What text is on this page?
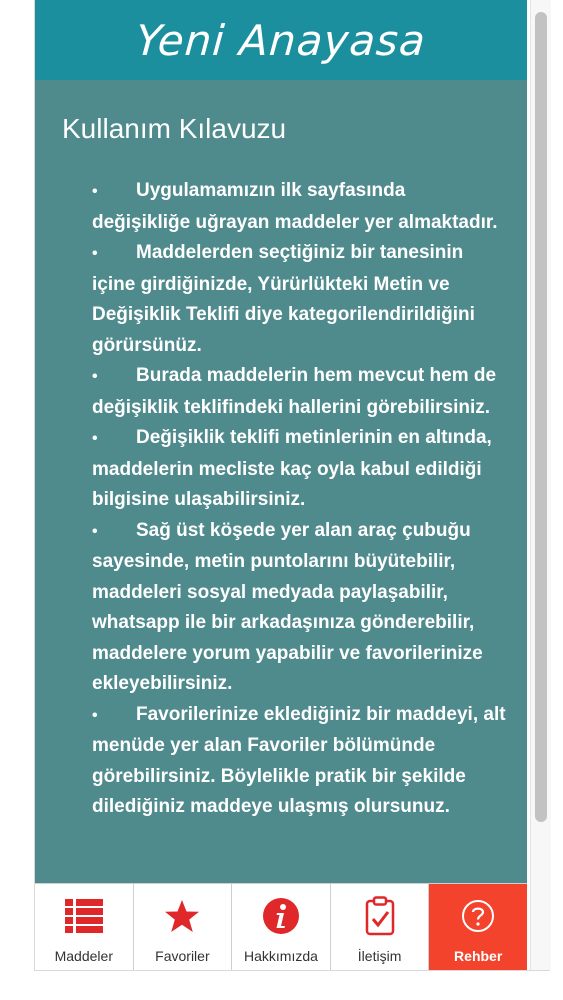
Yeni Anayasa
Kullanım Kılavuzu
• Uygulamamızın ilk sayfasında değişikliğe uğrayan maddeler yer almaktadır.
• Maddelerden seçtiğiniz bir tanesinin içine girdiğinizde, Yürürlükteki Metin ve Değişiklik Teklifi diye kategorilendirildiğini görürsünüz.
• Burada maddelerin hem mevcut hem de değişiklik teklifindeki hallerini görebilirsiniz.
• Değişiklik teklifi metinlerinin en altında, maddelerin mecliste kaç oyla kabul edildiği bilgisine ulaşabilirsiniz.
• Sağ üst köşede yer alan araç çubuğu sayesinde, metin puntolarını büyütebilir, maddeleri sosyal medyada paylaşabilir, whatsapp ile bir arkadaşınıza gönderebilir, maddelere yorum yapabilir ve favorilerinize ekleyebilirsiniz.
• Favorilerinize eklediğiniz bir maddeyi, alt menüde yer alan Favoriler bölümünde görebilirsiniz. Böylelikle pratik bir şekilde dilediğiniz maddeye ulaşmış olursunuz.
Maddeler	Favoriler Hakkımızda	İletişim	Rehber
